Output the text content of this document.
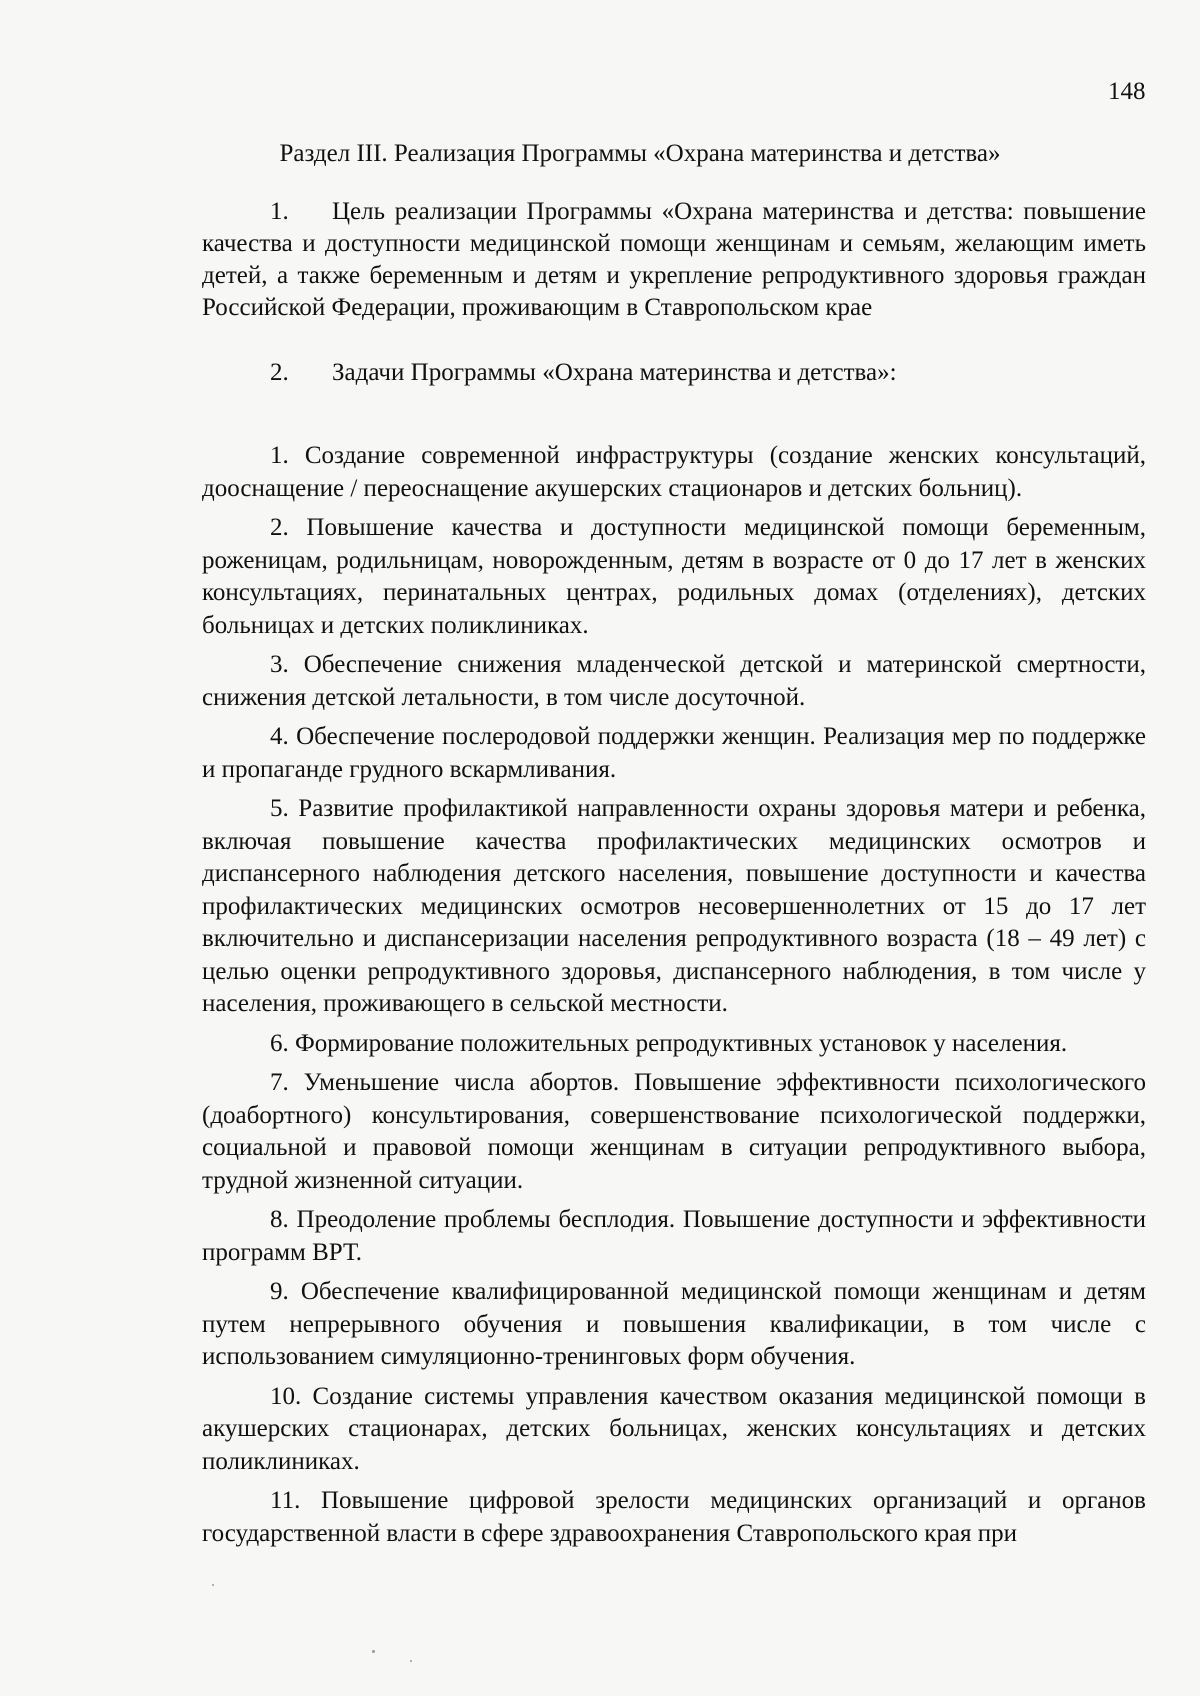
148
Раздел III. Реализация Программы «Охрана материнства и детства»
1. Цель реализации Программы «Охрана материнства и детства: повышение качества и доступности медицинской помощи женщинам и семьям, желающим иметь детей, а также беременным и детям и укрепление репродуктивного здоровья граждан Российской Федерации, проживающим в Ставропольском крае
2. Задачи Программы «Охрана материнства и детства»:

1. Создание современной инфраструктуры (создание женских консультаций, дооснащение / переоснащение акушерских стационаров и детских больниц).

2. Повышение качества и доступности медицинской помощи беременным, роженицам, родильницам, новорожденным, детям в возрасте от 0 до 17 лет в женских консультациях, перинатальных центрах, родильных домах (отделениях), детских больницах и детских поликлиниках.

3. Обеспечение снижения младенческой детской и материнской смертности, снижения детской летальности, в том числе досуточной.

4. Обеспечение послеродовой поддержки женщин. Реализация мер по поддержке и пропаганде грудного вскармливания.

5. Развитие профилактикой направленности охраны здоровья матери и ребенка, включая повышение качества профилактических медицинских осмотров и диспансерного наблюдения детского населения, повышение доступности и качества профилактических медицинских осмотров несовершеннолетних от 15 до 17 лет включительно и диспансеризации населения репродуктивного возраста (18 – 49 лет) с целью оценки репродуктивного здоровья, диспансерного наблюдения, в том числе у населения, проживающего в сельской местности.

6. Формирование положительных репродуктивных установок у населения.

7. Уменьшение числа абортов. Повышение эффективности психологического (доабортного) консультирования, совершенствование психологической поддержки, социальной и правовой помощи женщинам в ситуации репродуктивного выбора, трудной жизненной ситуации.

8. Преодоление проблемы бесплодия. Повышение доступности и эффективности программ ВРТ.

9. Обеспечение квалифицированной медицинской помощи женщинам и детям путем непрерывного обучения и повышения квалификации, в том числе с использованием симуляционно-тренинговых форм обучения.

10. Создание системы управления качеством оказания медицинской помощи в акушерских стационарах, детских больницах, женских консультациях и детских поликлиниках.

11. Повышение цифровой зрелости медицинских организаций и органов государственной власти в сфере здравоохранения Ставропольского края при
